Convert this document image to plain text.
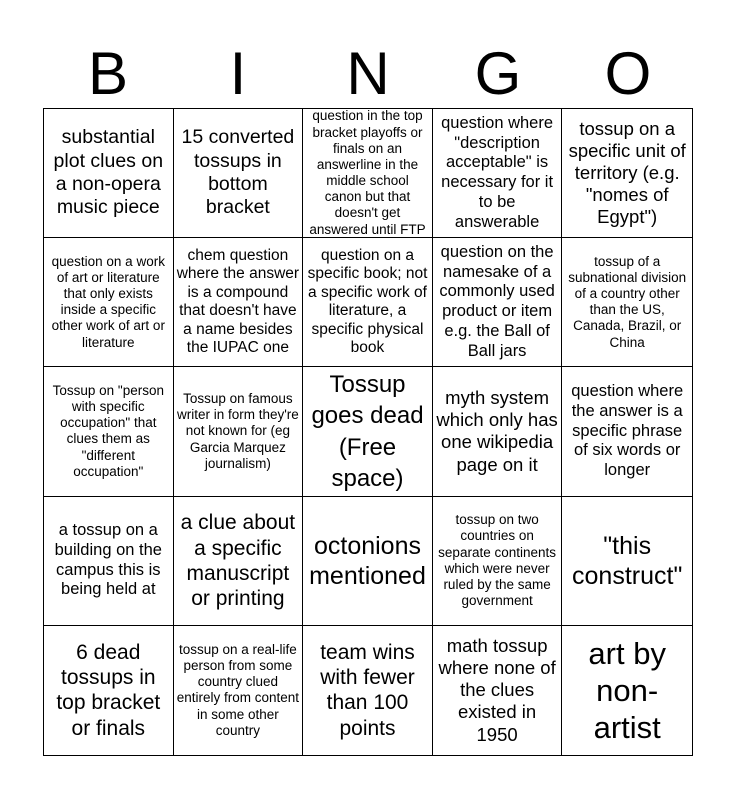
B	I	N	G	O
substantial plot clues on a non-opera music piece
15 converted tossups in bottom bracket
question in the top bracket playoffs or finals on an answerline in the middle school canon but that doesn't get answered until FTP
question where "description acceptable" is necessary for it to be answerable
tossup on a specific unit of territory (e.g. "nomes of Egypt")
question on a work of art or literature that only exists inside a specific other work of art or literature
chem question where the answer is a compound that doesn't have a name besides the IUPAC one
question on a specific book; not a specific work of literature, a specific physical book
question on the namesake of a commonly used product or item e.g. the Ball of Ball jars
tossup of a subnational division of a country other than the US, Canada, Brazil, or China
Tossup on "person with specific occupation" that clues them as "different occupation"
Tossup on famous writer in form they're not known for (eg Garcia Marquez journalism)
Tossup goes dead (Free space)
myth system which only has one wikipedia page on it
question where the answer is a specific phrase of six words or longer
a tossup on a building on the campus this is being held at
a clue about a specific manuscript or printing
octonions mentioned
tossup on two countries on separate continents which were never ruled by the same government
"this construct"
6 dead tossups in top bracket or finals
tossup on a real-life person from some country clued entirely from content in some other country
team wins with fewer than 100 points
math tossup where none of the clues existed in 1950
art by non-artist
